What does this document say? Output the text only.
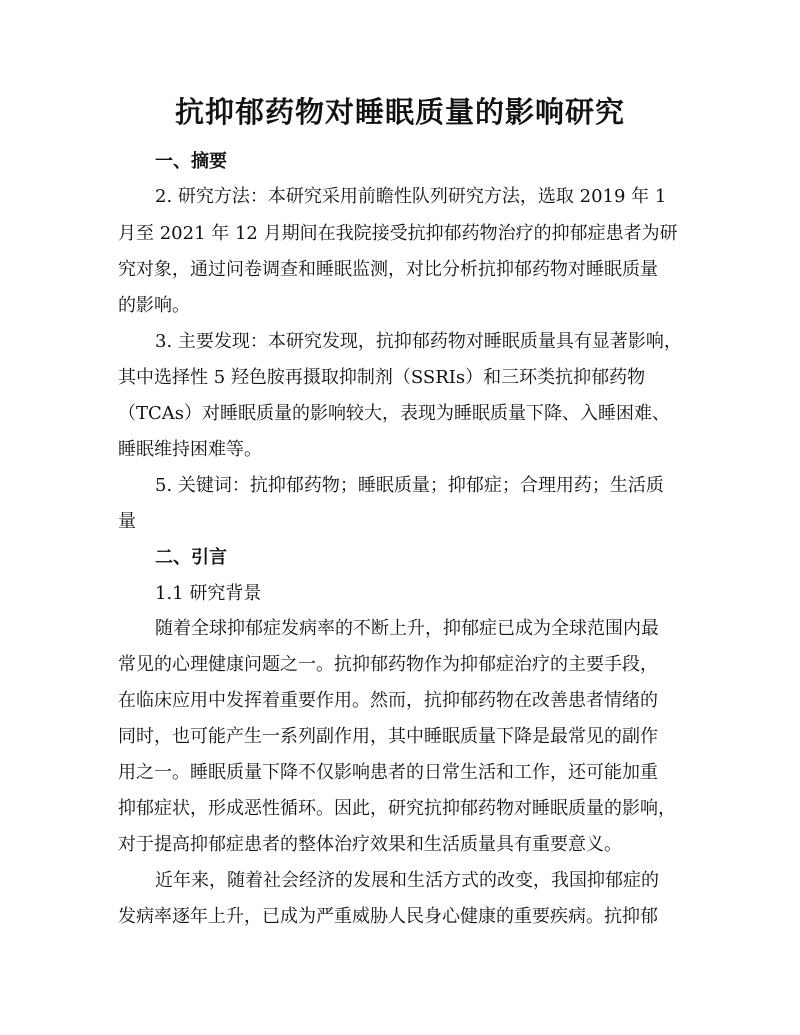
抗抑郁药物对睡眠质量的影响研究
一、摘要
2. 研究方法：本研究采用前瞻性队列研究方法，选取 2019 年 1
月至 2021 年 12 月期间在我院接受抗抑郁药物治疗的抑郁症患者为研
究对象，通过问卷调查和睡眠监测，对比分析抗抑郁药物对睡眠质量
的影响。
3. 主要发现：本研究发现，抗抑郁药物对睡眠质量具有显著影响，
其中选择性 5 羟色胺再摄取抑制剂（SSRIs）和三环类抗抑郁药物
（TCAs）对睡眠质量的影响较大，表现为睡眠质量下降、入睡困难、
睡眠维持困难等。
5. 关键词：抗抑郁药物；睡眠质量；抑郁症；合理用药；生活质
量
二、引言
1.1 研究背景
随着全球抑郁症发病率的不断上升，抑郁症已成为全球范围内最
常见的心理健康问题之一。抗抑郁药物作为抑郁症治疗的主要手段，
在临床应用中发挥着重要作用。然而，抗抑郁药物在改善患者情绪的
同时，也可能产生一系列副作用，其中睡眠质量下降是最常见的副作
用之一。睡眠质量下降不仅影响患者的日常生活和工作，还可能加重
抑郁症状，形成恶性循环。因此，研究抗抑郁药物对睡眠质量的影响，
对于提高抑郁症患者的整体治疗效果和生活质量具有重要意义。
近年来，随着社会经济的发展和生活方式的改变，我国抑郁症的
发病率逐年上升，已成为严重威胁人民身心健康的重要疾病。抗抑郁
